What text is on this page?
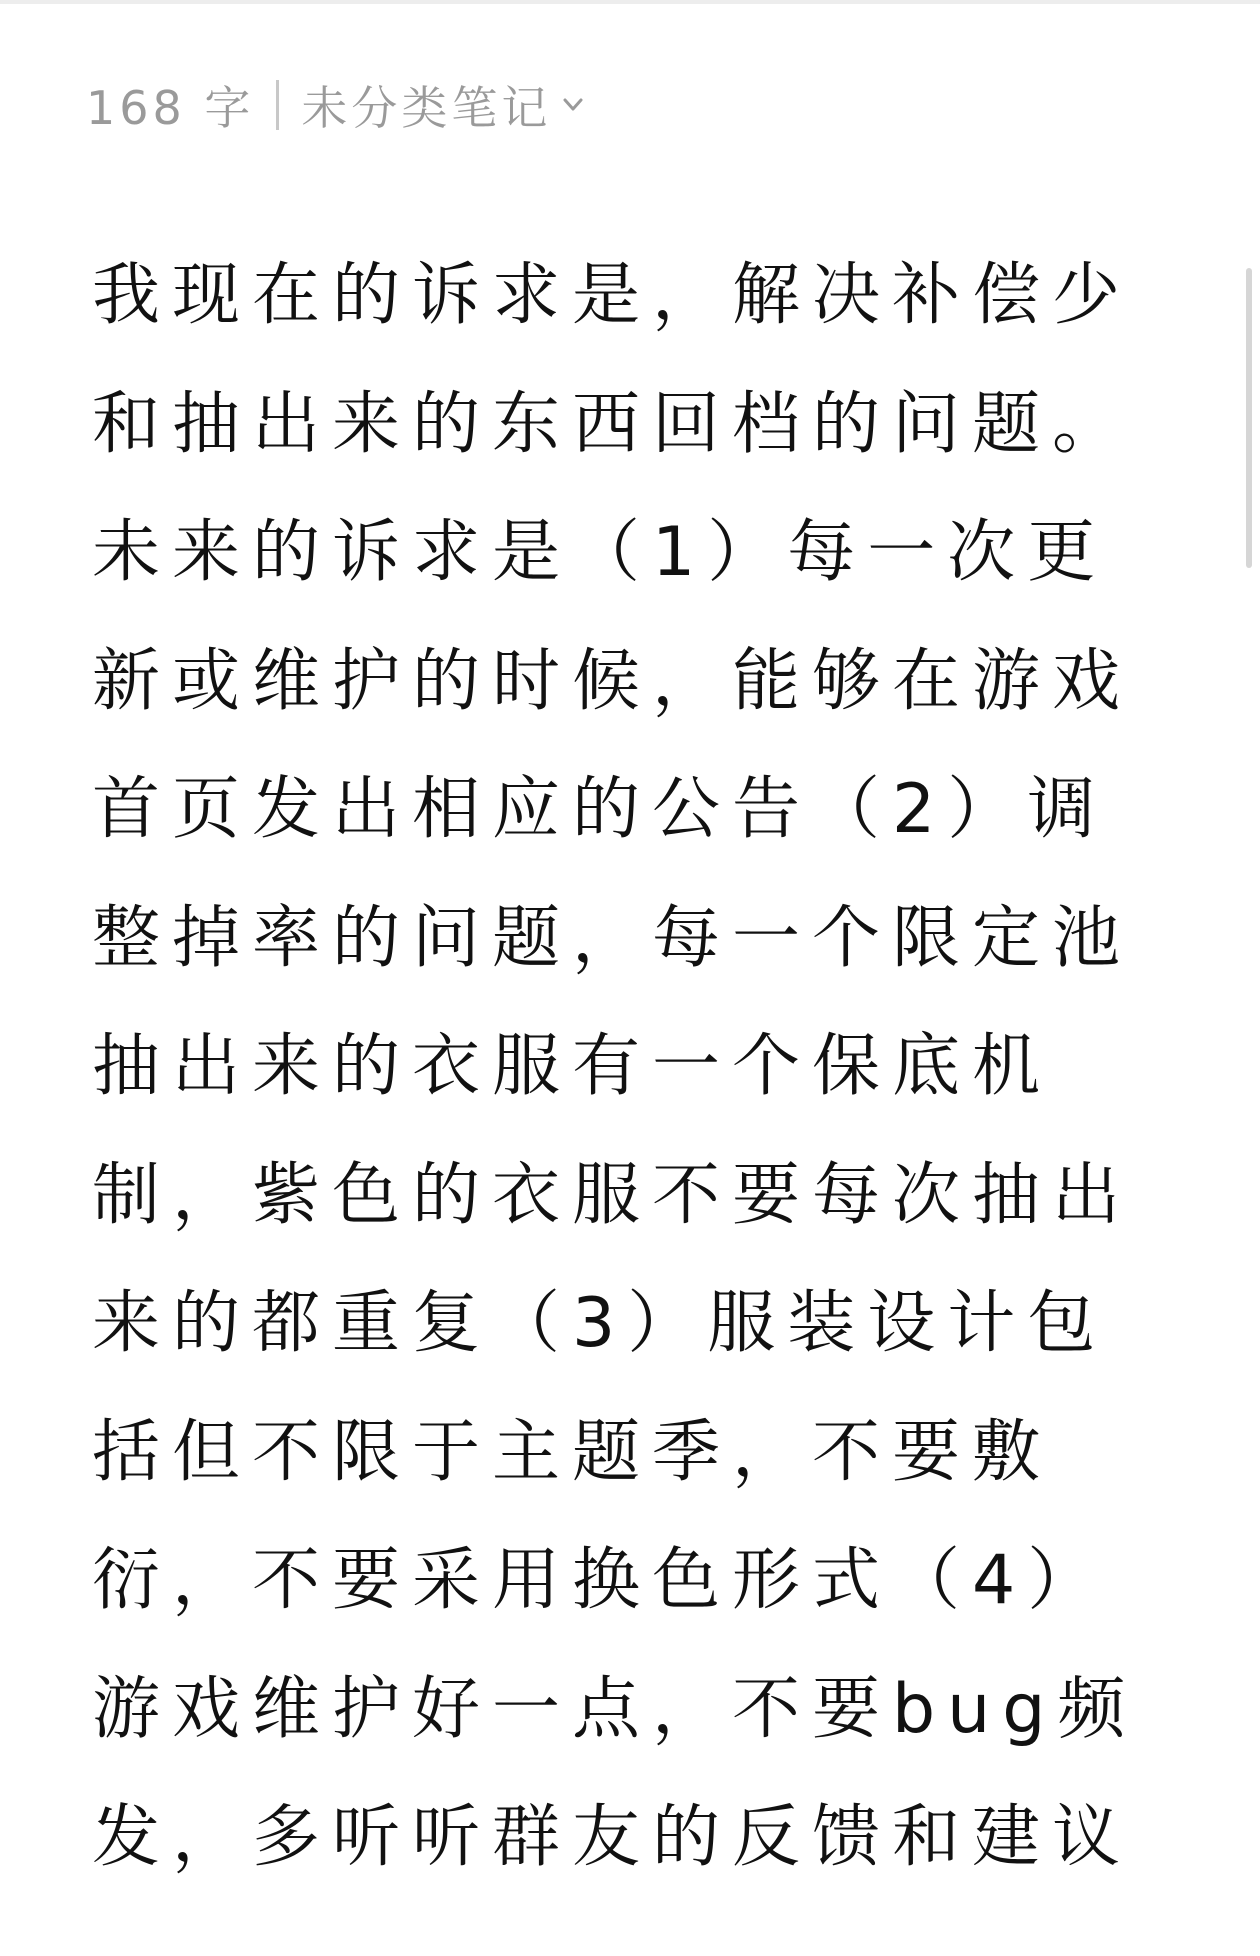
168 字 未分类笔记

我现在的诉求是，解决补偿少和抽出来的东西回档的问题。未来的诉求是（1）每一次更新或维护的时候，能够在游戏首页发出相应的公告（2）调整掉率的问题，每一个限定池抽出来的衣服有一个保底机制，紫色的衣服不要每次抽出来的都重复（3）服装设计包括但不限于主题季，不要敷衍，不要采用换色形式（4）游戏维护好一点，不要bug频发，多听听群友的反馈和建议
